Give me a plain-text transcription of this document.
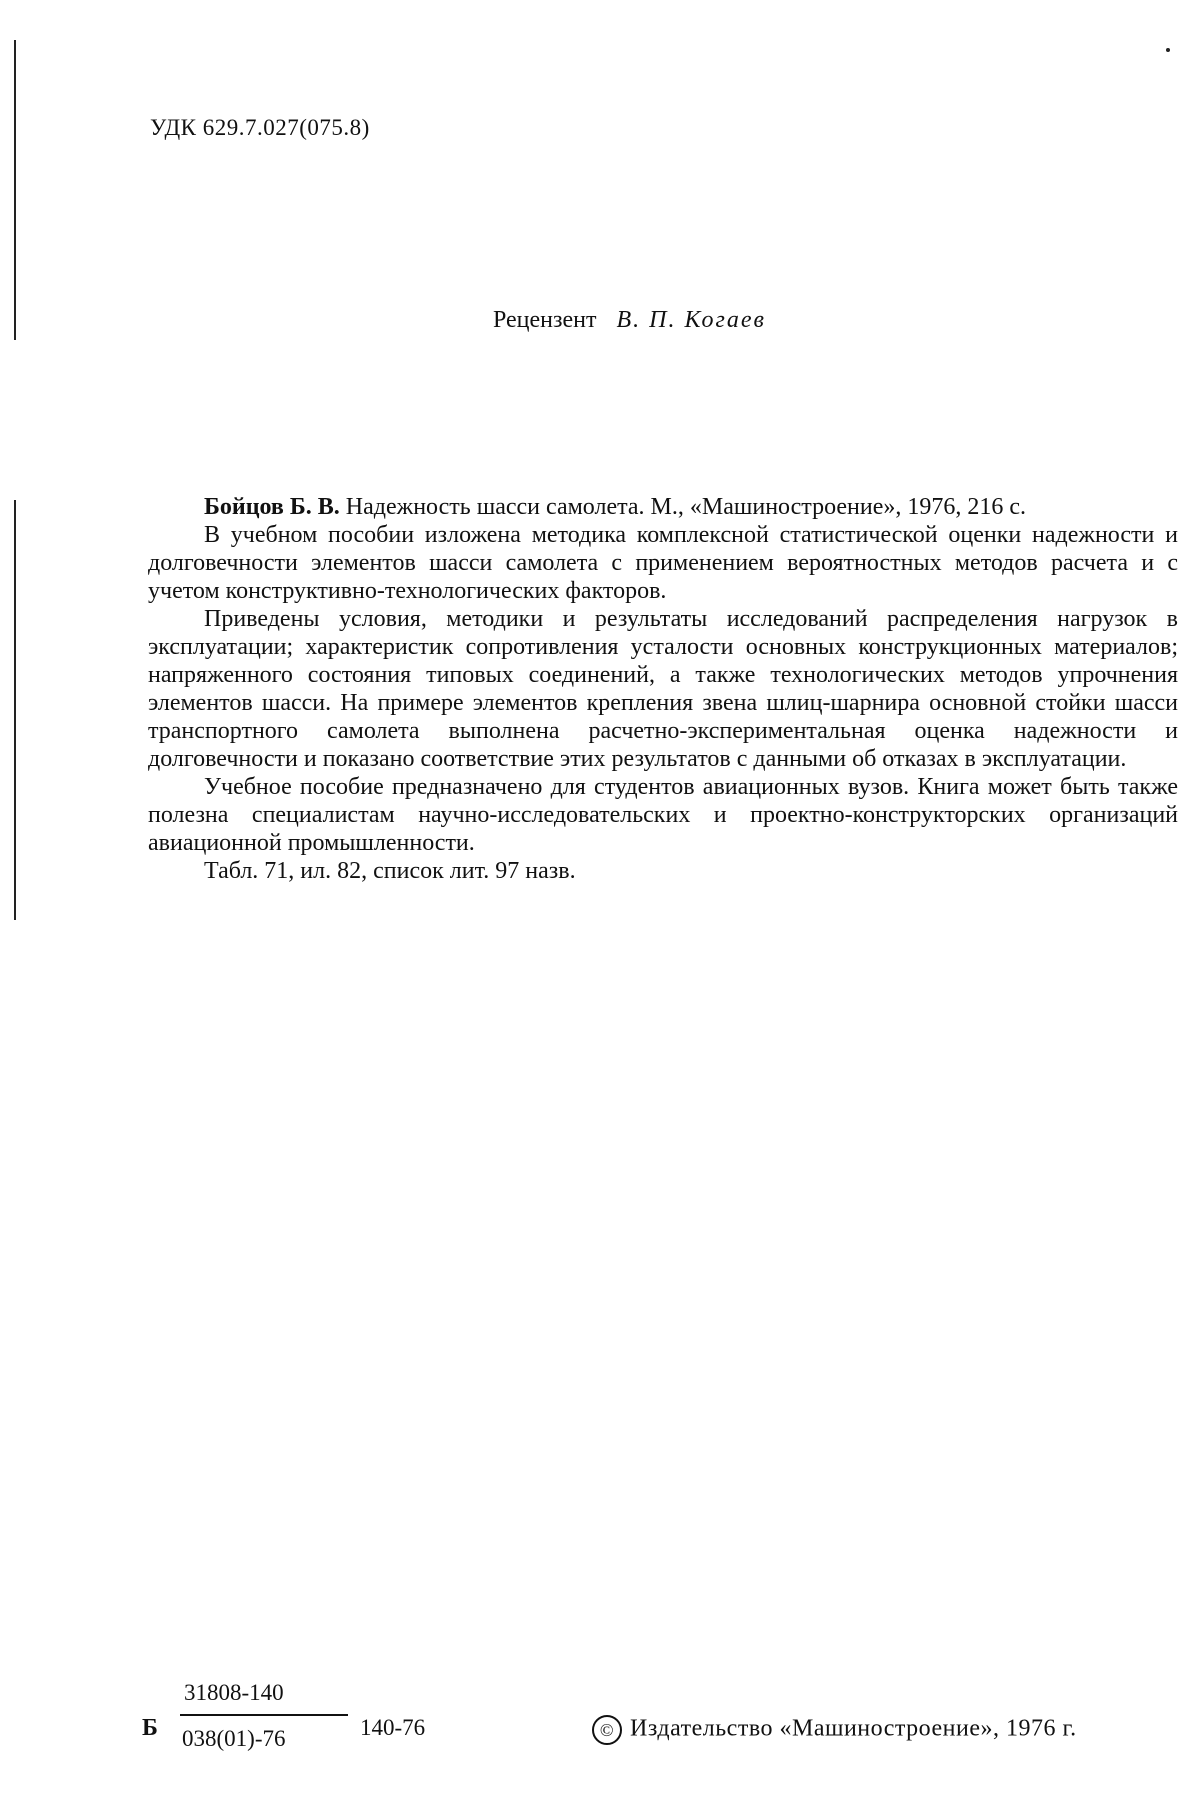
УДК 629.7.027(075.8)
Рецензент В. П. Когаев

Бойцов Б. В. Надежность шасси самолета. М., «Машиностроение», 1976, 216 с.

В учебном пособии изложена методика комплексной статистической оценки надежности и долговечности элементов шасси самолета с применением вероятностных методов расчета и с учетом конструктивно-технологических факторов.

Приведены условия, методики и результаты исследований распределения нагрузок в эксплуатации; характеристик сопротивления усталости основных конструкционных материалов; напряженного состояния типовых соединений, а также технологических методов упрочнения элементов шасси. На примере элементов крепления звена шлиц-шарнира основной стойки шасси транспортного самолета выполнена расчетно-экспериментальная оценка надежности и долговечности и показано соответствие этих результатов с данными об отказах в эксплуатации.

Учебное пособие предназначено для студентов авиационных вузов. Книга может быть также полезна специалистам научно-исследовательских и проектно-конструкторских организаций авиационной промышленности.

Табл. 71, ил. 82, список лит. 97 назв.

Б
31808-140
038(01)-76	140-76	© Издательство «Машиностроение», 1976 г.
